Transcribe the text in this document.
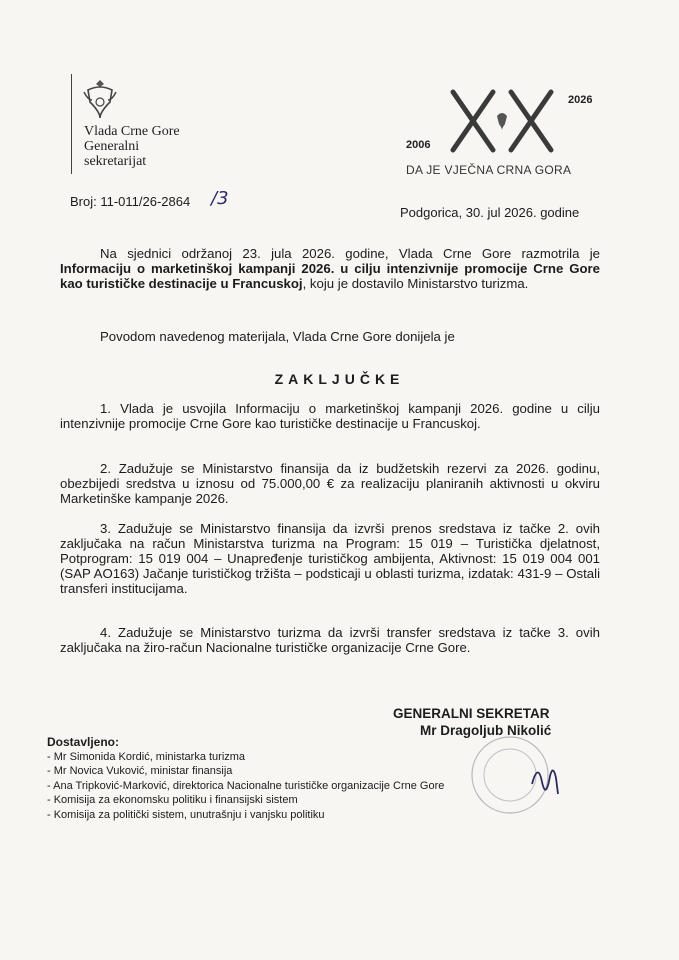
Vlada Crne Gore
Generalni
sekretarijat
2026
2006
DA JE VJEČNA CRNA GORA
Broj: 11-011/26-2864 /3
Podgorica, 30. jul 2026. godine
Na sjednici održanoj 23. jula 2026. godine, Vlada Crne Gore razmotrila je Informaciju o marketinškoj kampanji 2026. u cilju intenzivnije promocije Crne Gore kao turističke destinacije u Francuskoj, koju je dostavilo Ministarstvo turizma.
Povodom navedenog materijala, Vlada Crne Gore donijela je
ZAKLJUČKE
1. Vlada je usvojila Informaciju o marketinškoj kampanji 2026. godine u cilju intenzivnije promocije Crne Gore kao turističke destinacije u Francuskoj.
2. Zadužuje se Ministarstvo finansija da iz budžetskih rezervi za 2026. godinu, obezbijedi sredstva u iznosu od 75.000,00 € za realizaciju planiranih aktivnosti u okviru Marketinške kampanje 2026.
3. Zadužuje se Ministarstvo finansija da izvrši prenos sredstava iz tačke 2. ovih zaključaka na račun Ministarstva turizma na Program: 15 019 – Turistička djelatnost, Potprogram: 15 019 004 – Unapređenje turističkog ambijenta, Aktivnost: 15 019 004 001 (SAP AO163) Jačanje turističkog tržišta – podsticaji u oblasti turizma, izdatak: 431-9 – Ostali transferi institucijama.
4. Zadužuje se Ministarstvo turizma da izvrši transfer sredstava iz tačke 3. ovih zaključaka na žiro-račun Nacionalne turističke organizacije Crne Gore.
GENERALNI SEKRETAR
Mr Dragoljub Nikolić
Dostavljeno:
- Mr Simonida Kordić, ministarka turizma
- Mr Novica Vuković, ministar finansija
- Ana Tripković-Marković, direktorica Nacionalne turističke organizacije Crne Gore
- Komisija za ekonomsku politiku i finansijski sistem
- Komisija za politički sistem, unutrašnju i vanjsku politiku
